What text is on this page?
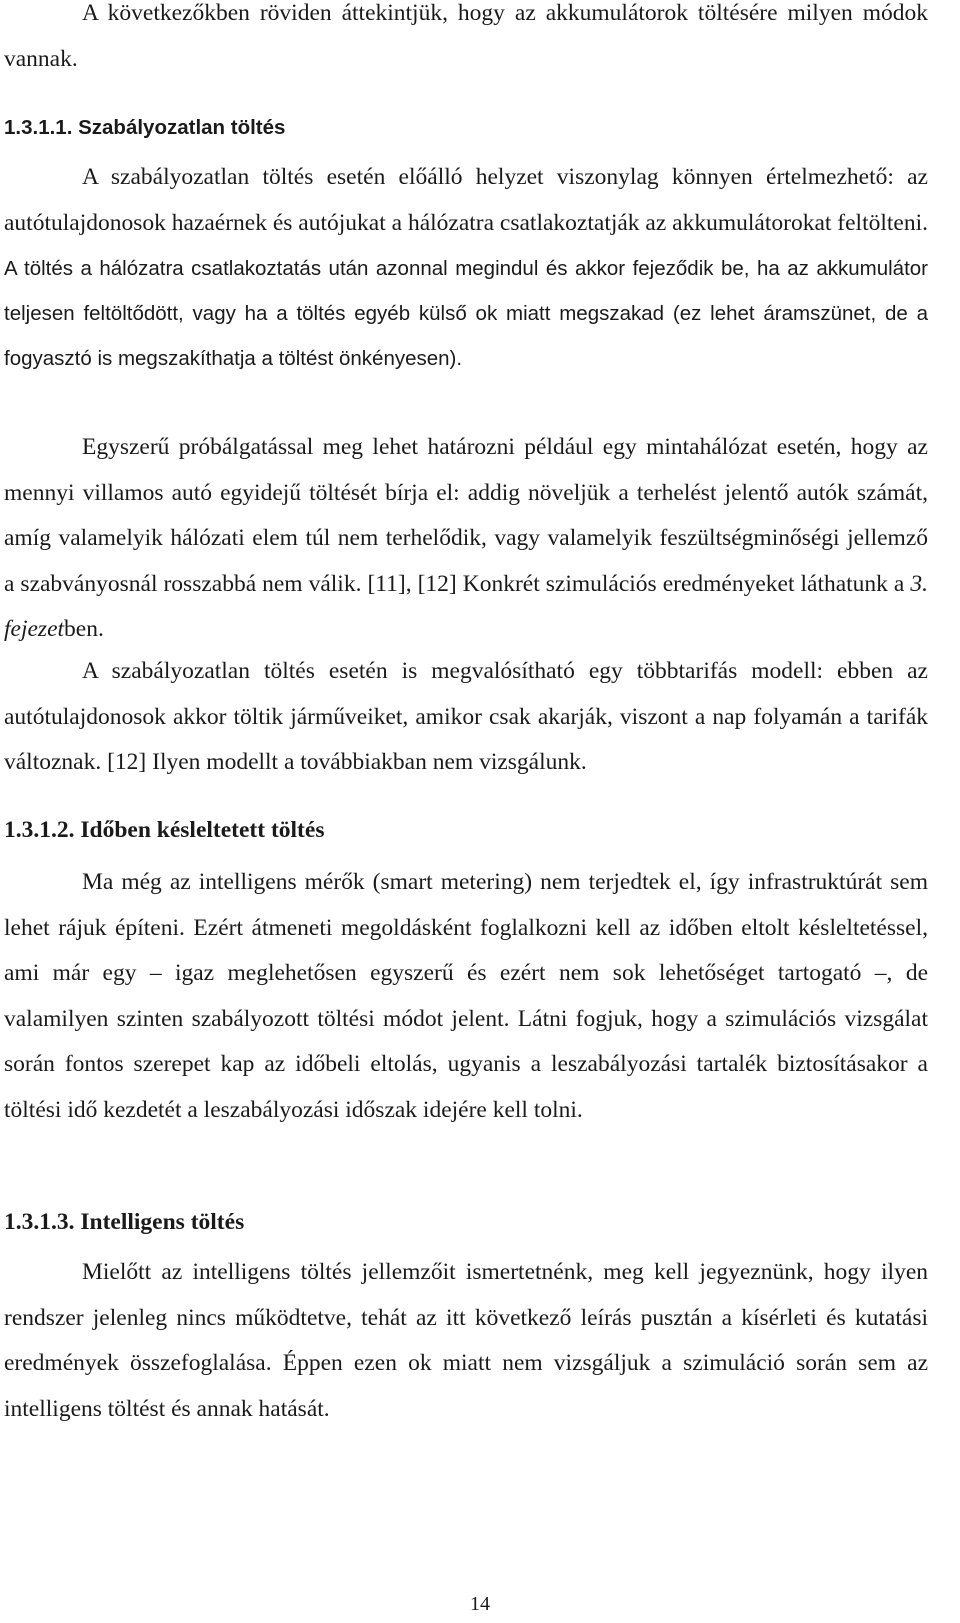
A következőkben röviden áttekintjük, hogy az akkumulátorok töltésére milyen módok vannak.

1.3.1.1. Szabályozatlan töltés

A szabályozatlan töltés esetén előálló helyzet viszonylag könnyen értelmezhető: az autótulajdonosok hazaérnek és autójukat a hálózatra csatlakoztatják az akkumulátorokat feltölteni. A töltés a hálózatra csatlakoztatás után azonnal megindul és akkor fejeződik be, ha az akkumulátor teljesen feltöltődött, vagy ha a töltés egyéb külső ok miatt megszakad (ez lehet áramszünet, de a fogyasztó is megszakíthatja a töltést önkényesen).

Egyszerű próbálgatással meg lehet határozni például egy mintahálózat esetén, hogy az mennyi villamos autó egyidejű töltését bírja el: addig növeljük a terhelést jelentő autók számát, amíg valamelyik hálózati elem túl nem terhelődik, vagy valamelyik feszültségminőségi jellemző a szabványosnál rosszabbá nem válik. [11], [12] Konkrét szimulációs eredményeket láthatunk a 3. fejezetben.

A szabályozatlan töltés esetén is megvalósítható egy többtarifás modell: ebben az autótulajdonosok akkor töltik járműveiket, amikor csak akarják, viszont a nap folyamán a tarifák változnak. [12] Ilyen modellt a továbbiakban nem vizsgálunk.

1.3.1.2. Időben késleltetett töltés

Ma még az intelligens mérők (smart metering) nem terjedtek el, így infrastruktúrát sem lehet rájuk építeni. Ezért átmeneti megoldásként foglalkozni kell az időben eltolt késleltetéssel, ami már egy – igaz meglehetősen egyszerű és ezért nem sok lehetőséget tartogató –, de valamilyen szinten szabályozott töltési módot jelent. Látni fogjuk, hogy a szimulációs vizsgálat során fontos szerepet kap az időbeli eltolás, ugyanis a leszabályozási tartalék biztosításakor a töltési idő kezdetét a leszabályozási időszak idejére kell tolni.

1.3.1.3. Intelligens töltés

Mielőtt az intelligens töltés jellemzőit ismertetnénk, meg kell jegyeznünk, hogy ilyen rendszer jelenleg nincs működtetve, tehát az itt következő leírás pusztán a kísérleti és kutatási eredmények összefoglalása. Éppen ezen ok miatt nem vizsgáljuk a szimuláció során sem az intelligens töltést és annak hatását.

14
